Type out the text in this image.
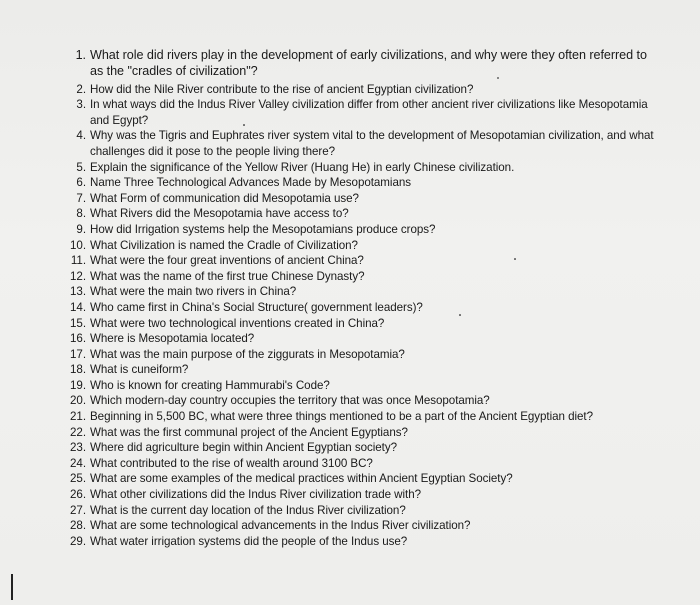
1. What role did rivers play in the development of early civilizations, and why were they often referred to as the "cradles of civilization"?
2. How did the Nile River contribute to the rise of ancient Egyptian civilization?
3. In what ways did the Indus River Valley civilization differ from other ancient river civilizations like Mesopotamia and Egypt?
4. Why was the Tigris and Euphrates river system vital to the development of Mesopotamian civilization, and what challenges did it pose to the people living there?
5. Explain the significance of the Yellow River (Huang He) in early Chinese civilization.
6. Name Three Technological Advances Made by Mesopotamians
7. What Form of communication did Mesopotamia use?
8. What Rivers did the Mesopotamia have access to?
9. How did Irrigation systems help the Mesopotamians produce crops?
10. What Civilization is named the Cradle of Civilization?
11. What were the four great inventions of ancient China?
12. What was the name of the first true Chinese Dynasty?
13. What were the main two rivers in China?
14. Who came first in China's Social Structure( government leaders)?
15. What were two technological inventions created in China?
16. Where is Mesopotamia located?
17. What was the main purpose of the ziggurats in Mesopotamia?
18. What is cuneiform?
19. Who is known for creating Hammurabi's Code?
20. Which modern-day country occupies the territory that was once Mesopotamia?
21. Beginning in 5,500 BC, what were three things mentioned to be a part of the Ancient Egyptian diet?
22. What was the first communal project of the Ancient Egyptians?
23. Where did agriculture begin within Ancient Egyptian society?
24. What contributed to the rise of wealth around 3100 BC?
25. What are some examples of the medical practices within Ancient Egyptian Society?
26. What other civilizations did the Indus River civilization trade with?
27. What is the current day location of the Indus River civilization?
28. What are some technological advancements in the Indus River civilization?
29. What water irrigation systems did the people of the Indus use?
